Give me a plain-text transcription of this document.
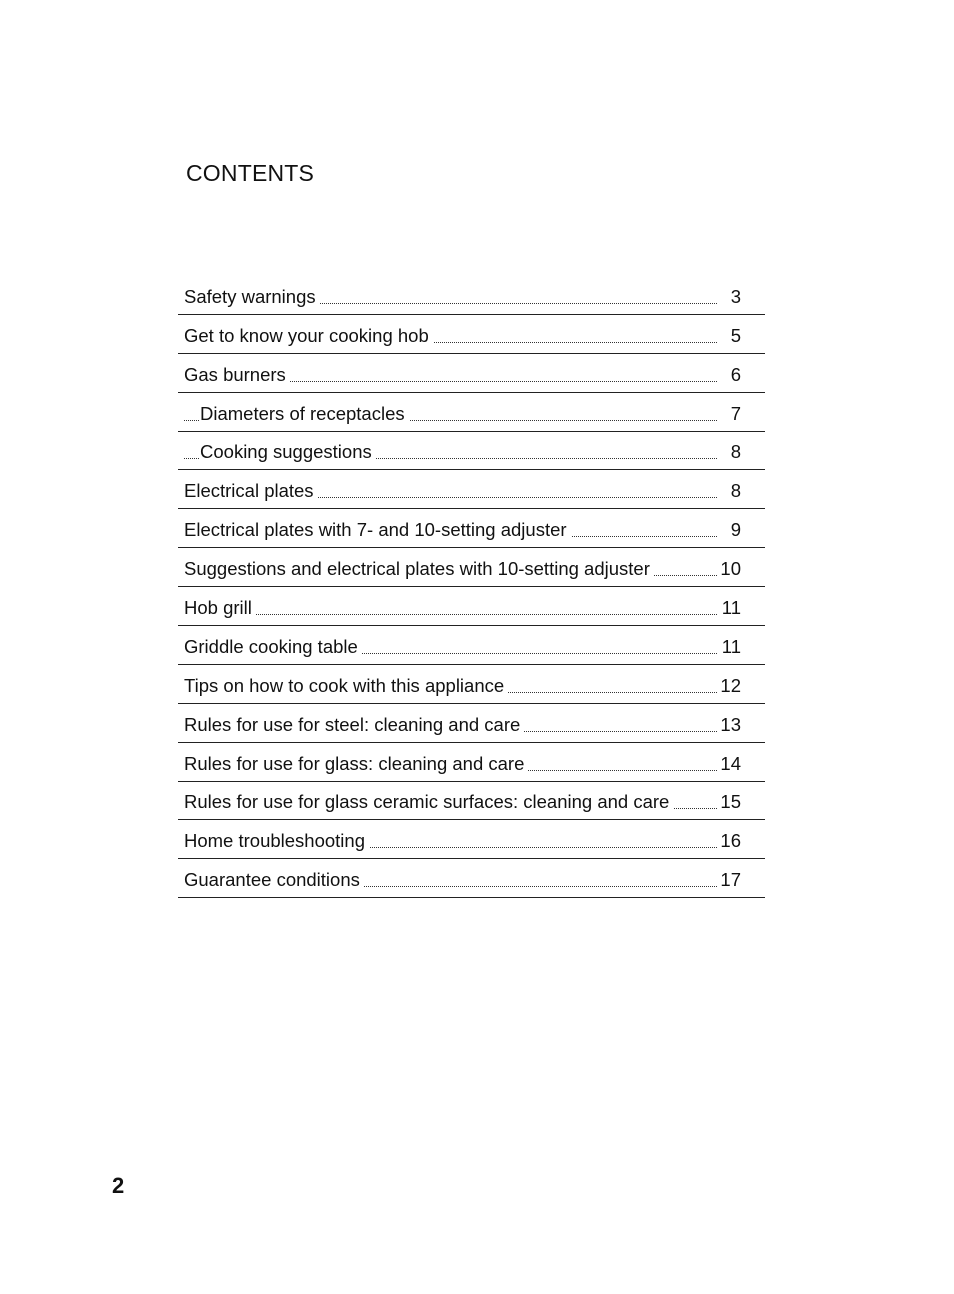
CONTENTS
Safety warnings	3
Get to know your cooking hob	5
Gas burners	6
Diameters of receptacles	7
Cooking suggestions	8
Electrical plates	8
Electrical plates with 7- and 10-setting adjuster	9
Suggestions and electrical plates with 10-setting adjuster	10
Hob grill	11
Griddle cooking table	11
Tips on how to cook with this appliance	12
Rules for use for steel: cleaning and care	13
Rules for use for glass: cleaning and care	14
Rules for use for glass ceramic surfaces: cleaning and care	15
Home troubleshooting	16
Guarantee conditions	17

2
